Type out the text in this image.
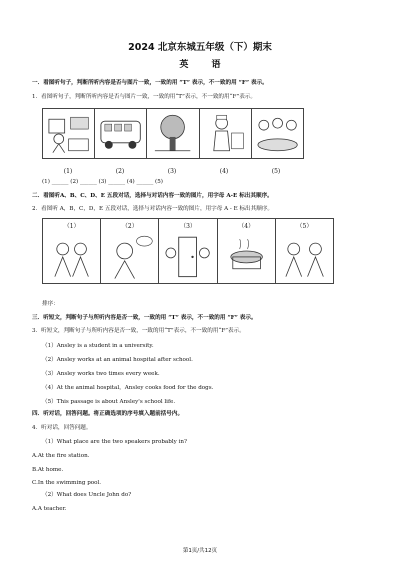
2024 北京东城五年级（下）期末
英 语
一．看图听句子，判断所听内容是否与图片一致，一致的用 “T” 表示，不一致的用 “F” 表示。
1．看图听句子，判断所听内容是否与图片一致，一致的用“T”表示，不一致的用“F”表示。
(1)	(2)	(3)	(4)	(5)
(1) ______ (2) ______ (3) ______ (4) ______ (5)
二．看图听A、B、C、D、E 五段对话，选择与对话内容一致的图片，用字母 A-E 标出其顺序。
2．看图听 A，B，C，D，E 五段对话，选择与对话内容一致的图片，用字母 A - E 标出其顺序。
（1）	（2）	（3）	（4）	（5）
排序：
三．听短文，判断句子与所听内容是否一致，一致的用 “T” 表示，不一致的用 “F” 表示。
3．听短文，判断句子与所听内容是否一致，一致的用“T”表示，不一致的用“F”表示。
（1）Ansley is a student in a university.
（2）Ansley works at an animal hospital after school.
（3）Ansley works two times every week.
（4）At the animal hospital，Ansley cooks food for the dogs.
（5）This passage is about Ansley's school life.
四．听对话，回答问题。将正确选项的序号填入题前括号内。
4．听对话，回答问题。
（1）What place are the two speakers probably in?
A.At the fire station.
B.At home.
C.In the swimming pool.
（2）What does Uncle John do?
A.A teacher.
第1页/共12页
